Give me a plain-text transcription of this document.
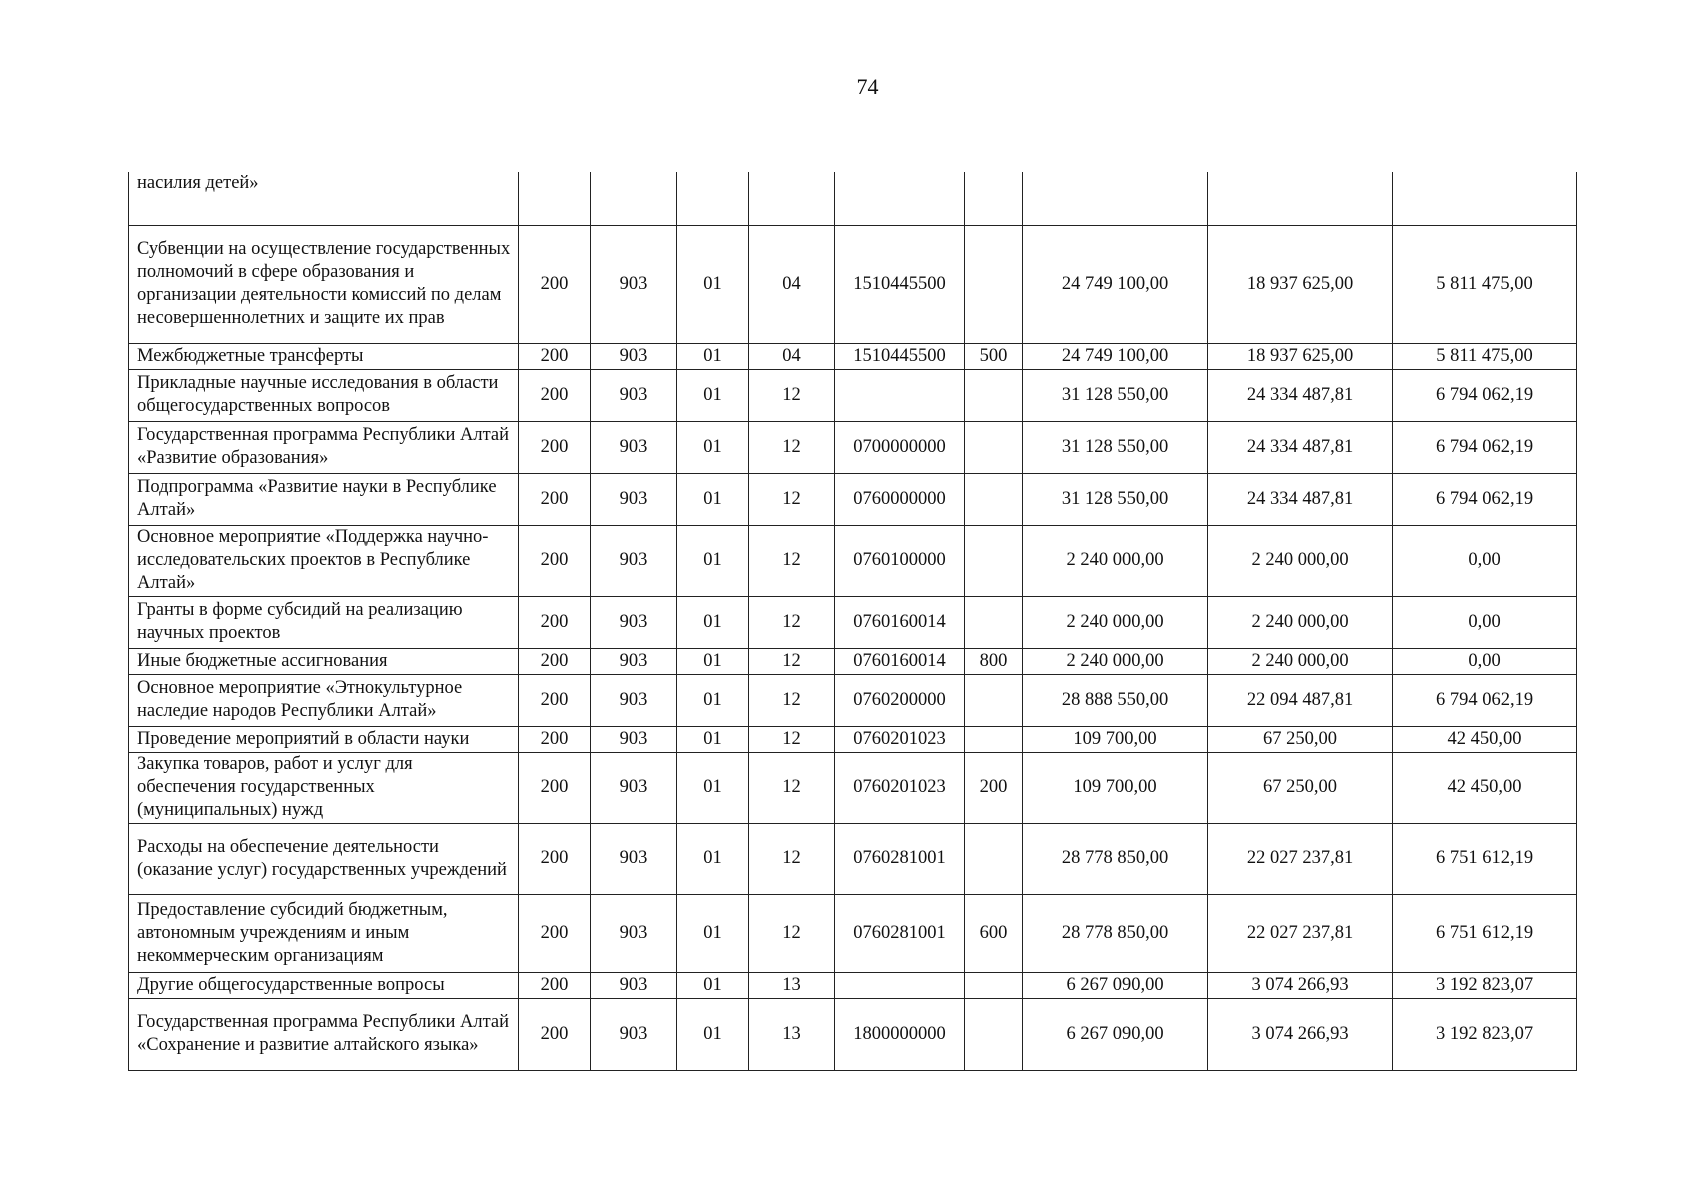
74
насилия детей»									
Субвенции на осуществление государственных полномочий в сфере образования и организации деятельности комиссий по делам несовершеннолетних и защите их прав	200	903	01	04	1510445500		24 749 100,00	18 937 625,00	5 811 475,00
Межбюджетные трансферты	200	903	01	04	1510445500	500	24 749 100,00	18 937 625,00	5 811 475,00
Прикладные научные исследования в области общегосударственных вопросов	200	903	01	12			31 128 550,00	24 334 487,81	6 794 062,19
Государственная программа Республики Алтай «Развитие образования»	200	903	01	12	0700000000		31 128 550,00	24 334 487,81	6 794 062,19
Подпрограмма «Развитие науки в Республике Алтай»	200	903	01	12	0760000000		31 128 550,00	24 334 487,81	6 794 062,19
Основное мероприятие «Поддержка научно-исследовательских проектов в Республике Алтай»	200	903	01	12	0760100000		2 240 000,00	2 240 000,00	0,00
Гранты в форме субсидий на реализацию научных проектов	200	903	01	12	0760160014		2 240 000,00	2 240 000,00	0,00
Иные бюджетные ассигнования	200	903	01	12	0760160014	800	2 240 000,00	2 240 000,00	0,00
Основное мероприятие «Этнокультурное наследие народов Республики Алтай»	200	903	01	12	0760200000		28 888 550,00	22 094 487,81	6 794 062,19
Проведение мероприятий в области науки	200	903	01	12	0760201023		109 700,00	67 250,00	42 450,00
Закупка товаров, работ и услуг для обеспечения государственных (муниципальных) нужд	200	903	01	12	0760201023	200	109 700,00	67 250,00	42 450,00
Расходы на обеспечение деятельности (оказание услуг) государственных учреждений	200	903	01	12	0760281001		28 778 850,00	22 027 237,81	6 751 612,19
Предоставление субсидий бюджетным, автономным учреждениям и иным некоммерческим организациям	200	903	01	12	0760281001	600	28 778 850,00	22 027 237,81	6 751 612,19
Другие общегосударственные вопросы	200	903	01	13			6 267 090,00	3 074 266,93	3 192 823,07
Государственная программа Республики Алтай «Сохранение и развитие алтайского языка»	200	903	01	13	1800000000		6 267 090,00	3 074 266,93	3 192 823,07
